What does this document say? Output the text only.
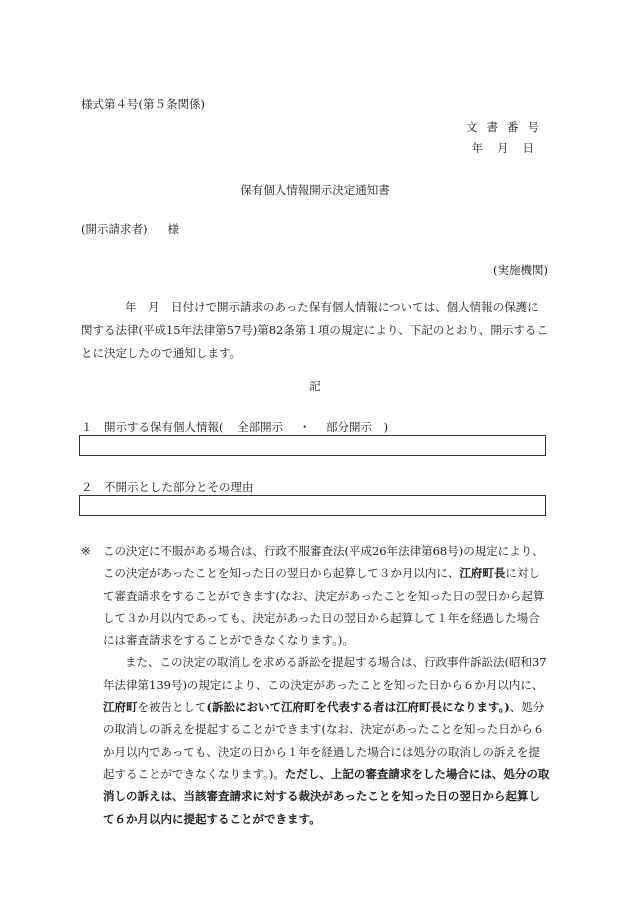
様式第４号(第５条関係)
文書番号
年月日
保有個人情報開示決定通知書
(開示請求者) 様
(実施機関)
年　月　日付けで開示請求のあった保有個人情報については、個人情報の保護に関する法律(平成15年法律第57号)第82条第１項の規定により、下記のとおり、開示することに決定したので通知します。
記
１　開示する保有個人情報( 全部開示 ・ 部分開示 )
２　不開示とした部分とその理由
※	この決定に不服がある場合は、行政不服審査法(平成26年法律第68号)の規定により、この決定があったことを知った日の翌日から起算して３か月以内に、江府町長に対して審査請求をすることができます(なお、決定があったことを知った日の翌日から起算して３か月以内であっても、決定があった日の翌日から起算して１年を経過した場合には審査請求をすることができなくなります。)。
また、この決定の取消しを求める訴訟を提起する場合は、行政事件訴訟法(昭和37年法律第139号)の規定により、この決定があったことを知った日から６か月以内に、江府町を被告として(訴訟において江府町を代表する者は江府町長になります。)、処分の取消しの訴えを提起することができます(なお、決定があったことを知った日から６か月以内であっても、決定の日から１年を経過した場合には処分の取消しの訴えを提起することができなくなります。)。ただし、上記の審査請求をした場合には、処分の取消しの訴えは、当該審査請求に対する裁決があったことを知った日の翌日から起算して６か月以内に提起することができます。
